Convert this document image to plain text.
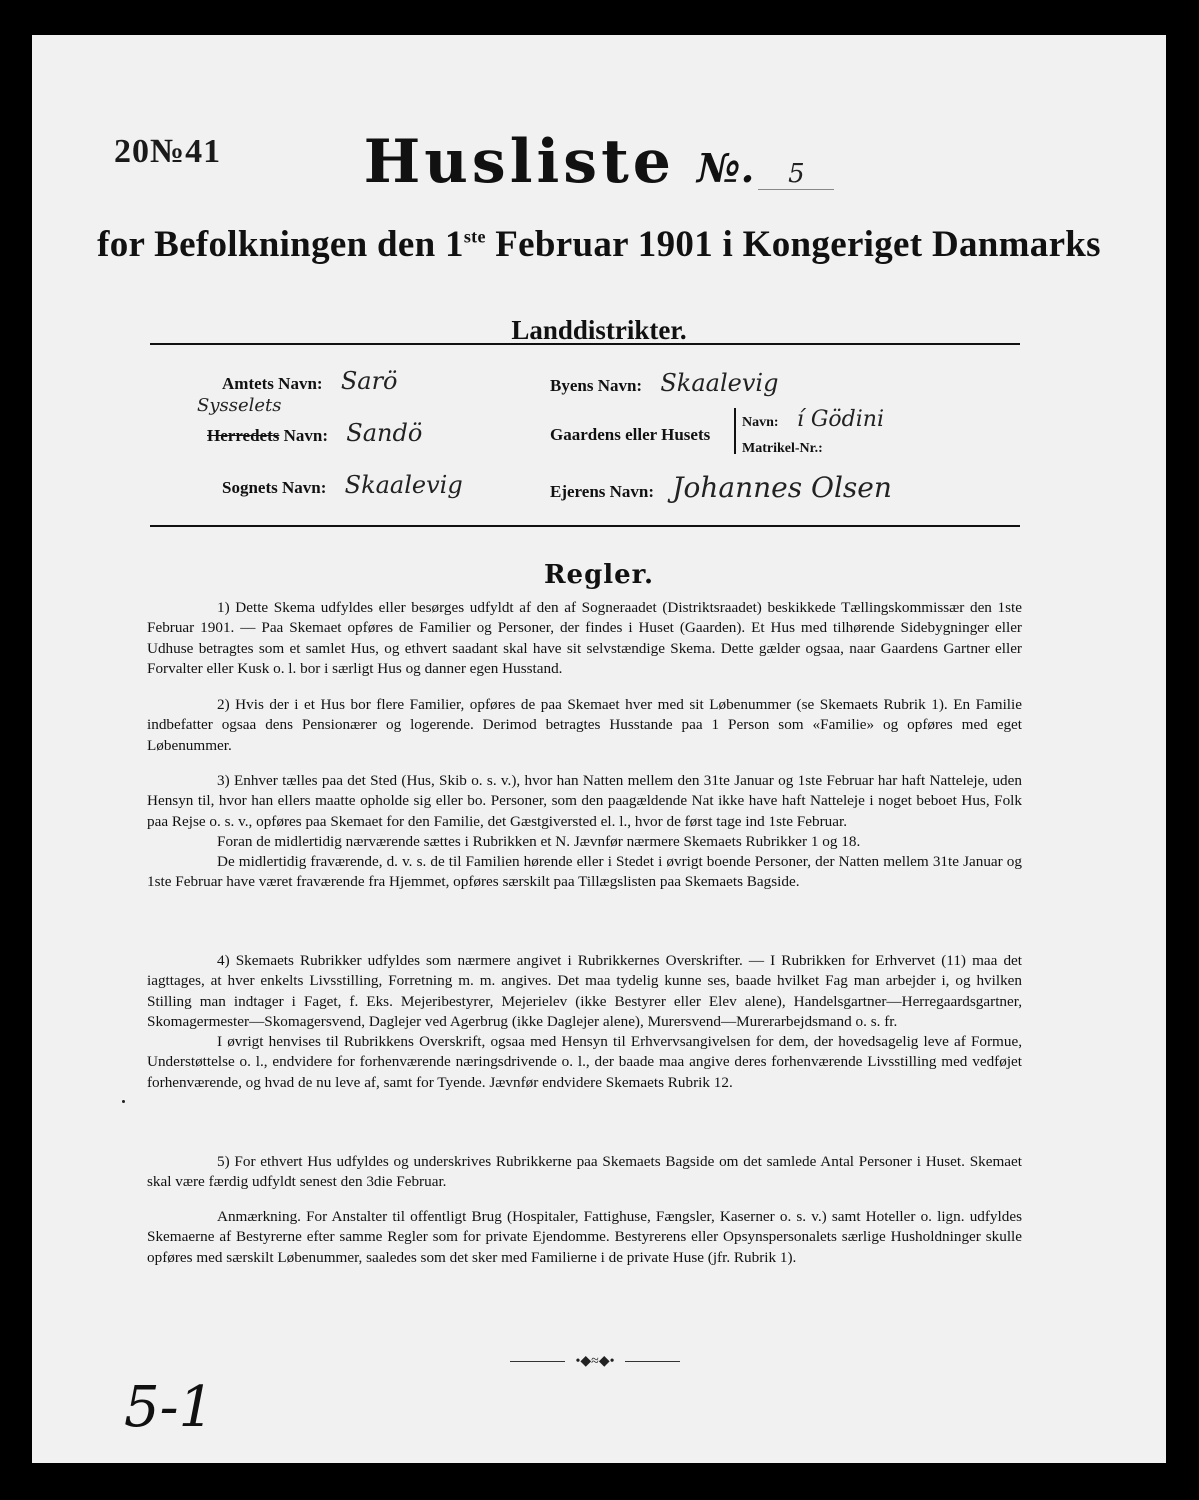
20№41	Husliste №. 5
for Befolkningen den 1ste Februar 1901 i Kongeriget Danmarks
Landdistrikter.
Amtets Navn: Sarö
Sysselets
Herredets Navn: Sandö
Sognets Navn: Skaalevig
Byens Navn: Skaalevig
Gaardens eller Husets
Navn: í Gödini
Matrikel-Nr.:
Ejerens Navn: Johannes Olsen
Regler.

1) Dette Skema udfyldes eller besørges udfyldt af den af Sogneraadet (Distriktsraadet) beskikkede Tællingskommissær den 1ste Februar 1901. — Paa Skemaet opføres de Familier og Personer, der findes i Huset (Gaarden). Et Hus med tilhørende Sidebygninger eller Udhuse betragtes som et samlet Hus, og ethvert saadant skal have sit selvstændige Skema. Dette gælder ogsaa, naar Gaardens Gartner eller Forvalter eller Kusk o. l. bor i særligt Hus og danner egen Husstand.

2) Hvis der i et Hus bor flere Familier, opføres de paa Skemaet hver med sit Løbenummer (se Skemaets Rubrik 1). En Familie indbefatter ogsaa dens Pensionærer og logerende. Derimod betragtes Husstande paa 1 Person som «Familie» og opføres med eget Løbenummer.

3) Enhver tælles paa det Sted (Hus, Skib o. s. v.), hvor han Natten mellem den 31te Januar og 1ste Februar har haft Natteleje, uden Hensyn til, hvor han ellers maatte opholde sig eller bo. Personer, som den paagældende Nat ikke have haft Natteleje i noget beboet Hus, Folk paa Rejse o. s. v., opføres paa Skemaet for den Familie, det Gæstgiversted el. l., hvor de først tage ind 1ste Februar.

Foran de midlertidig nærværende sættes i Rubrikken et N. Jævnfør nærmere Skemaets Rubrikker 1 og 18.

De midlertidig fraværende, d. v. s. de til Familien hørende eller i Stedet i øvrigt boende Personer, der Natten mellem 31te Januar og 1ste Februar have været fraværende fra Hjemmet, opføres særskilt paa Tillægslisten paa Skemaets Bagside.

4) Skemaets Rubrikker udfyldes som nærmere angivet i Rubrikkernes Overskrifter. — I Rubrikken for Erhvervet (11) maa det iagttages, at hver enkelts Livsstilling, Forretning m. m. angives. Det maa tydelig kunne ses, baade hvilket Fag man arbejder i, og hvilken Stilling man indtager i Faget, f. Eks. Mejeribestyrer, Mejerielev (ikke Bestyrer eller Elev alene), Handelsgartner—Herregaardsgartner, Skomagermester—Skomagersvend, Daglejer ved Agerbrug (ikke Daglejer alene), Murersvend—Murerarbejdsmand o. s. fr.

I øvrigt henvises til Rubrikkens Overskrift, ogsaa med Hensyn til Erhvervsangivelsen for dem, der hovedsagelig leve af Formue, Understøttelse o. l., endvidere for forhenværende næringsdrivende o. l., der baade maa angive deres forhenværende Livsstilling med vedføjet forhenværende, og hvad de nu leve af, samt for Tyende. Jævnfør endvidere Skemaets Rubrik 12.

5) For ethvert Hus udfyldes og underskrives Rubrikkerne paa Skemaets Bagside om det samlede Antal Personer i Huset. Skemaet skal være færdig udfyldt senest den 3die Februar.

Anmærkning. For Anstalter til offentligt Brug (Hospitaler, Fattighuse, Fængsler, Kaserner o. s. v.) samt Hoteller o. lign. udfyldes Skemaerne af Bestyrerne efter samme Regler som for private Ejendomme. Bestyrerens eller Opsynspersonalets særlige Husholdninger skulle opføres med særskilt Løbenummer, saaledes som det sker med Familierne i de private Huse (jfr. Rubrik 1).

•◆≈◆•
5-1
